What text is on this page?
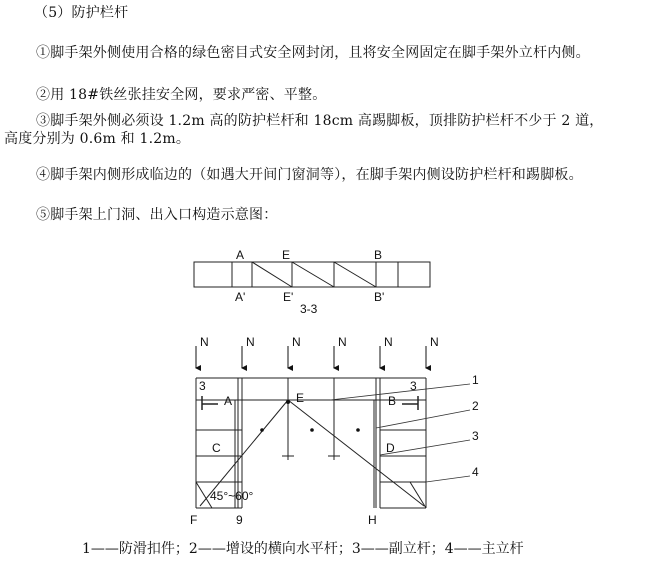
（5）防护栏杆
①脚手架外侧使用合格的绿色密目式安全网封闭，且将安全网固定在脚手架外立杆内侧。
②用 18#铁丝张挂安全网，要求严密、平整。
③脚手架外侧必须设 1.2m 高的防护栏杆和 18cm 高踢脚板，顶排防护栏杆不少于 2 道，
高度分别为 0.6m 和 1.2m。
④脚手架内侧形成临边的（如遇大开间门窗洞等），在脚手架内侧设防护栏杆和踢脚板。
⑤脚手架上门洞、出入口构造示意图：
A	E	B
A'	E'	B'
3-3
N	N	N	N	N	N
3	3
A	E	B
C	D
45°~60°
F	9	H
1
2
3
4
1——防滑扣件；2——增设的横向水平杆；3——副立杆；4——主立杆
